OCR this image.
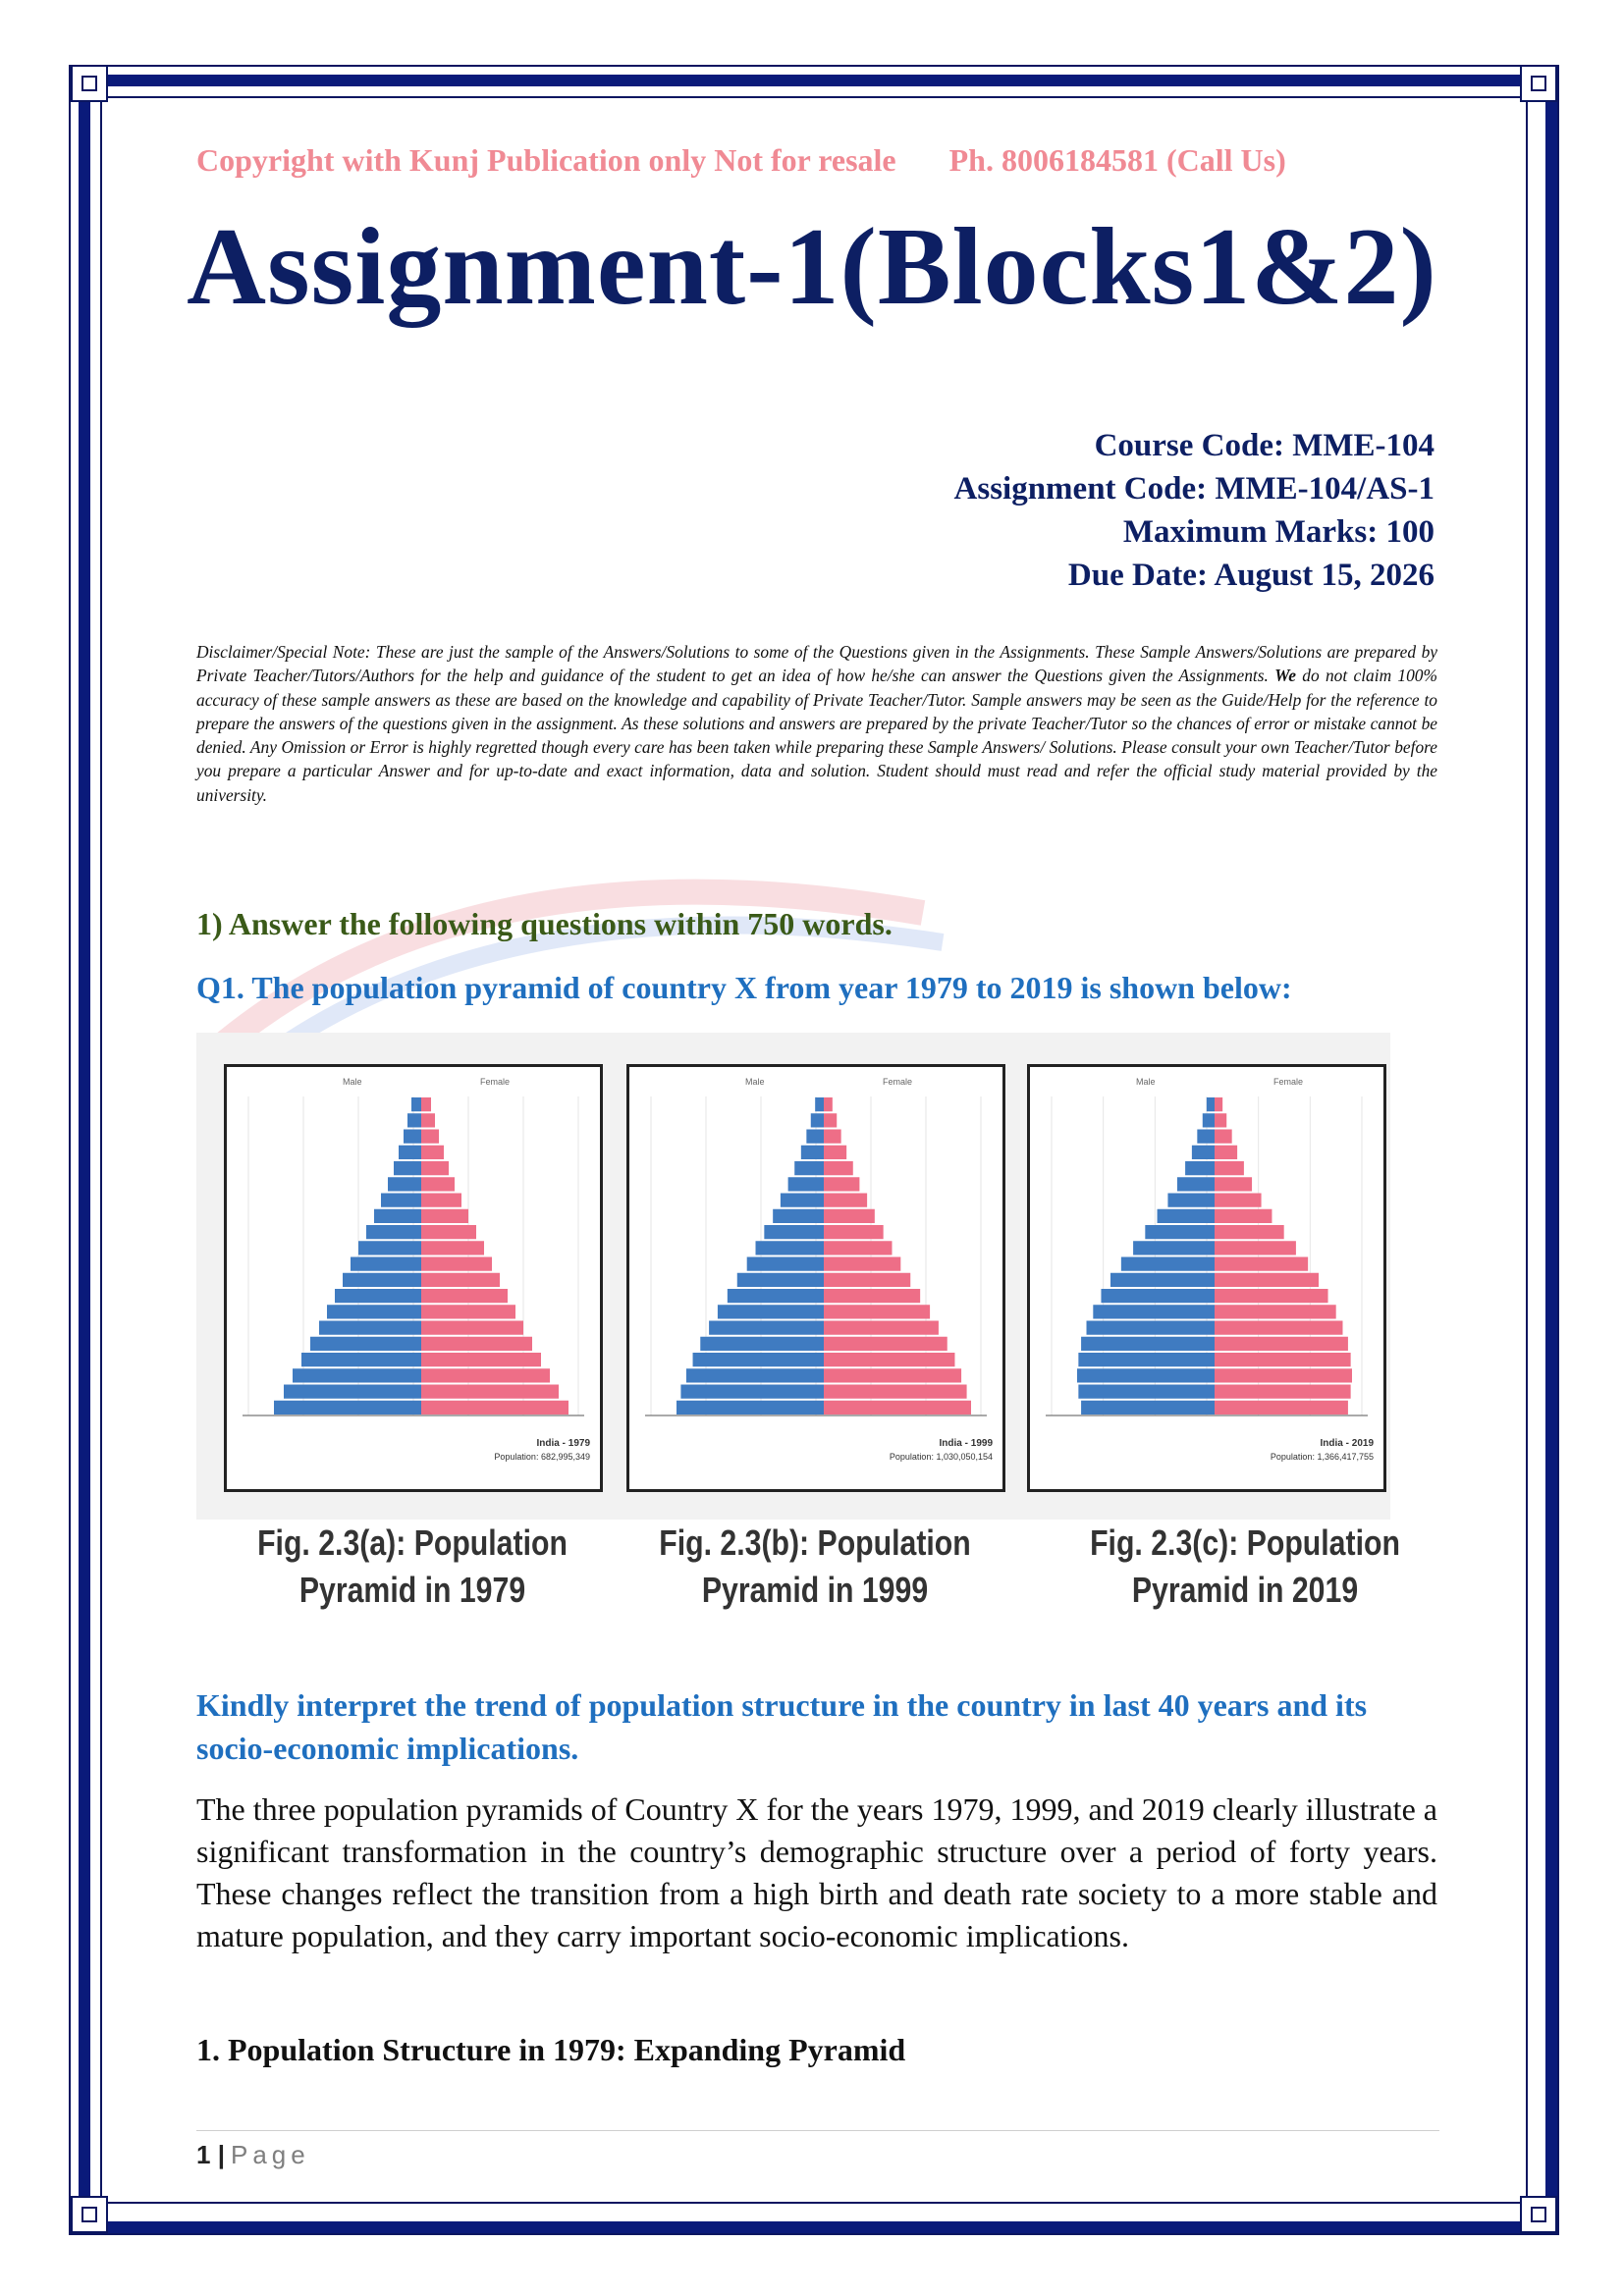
Copyright with Kunj Publication only Not for resale Ph. 8006184581 (Call Us)
Assignment-1(Blocks1&2)
Course Code: MME-104
Assignment Code: MME-104/AS-1
Maximum Marks: 100
Due Date: August 15, 2026
Disclaimer/Special Note: These are just the sample of the Answers/Solutions to some of the Questions given in the Assignments. These Sample Answers/Solutions are prepared by Private Teacher/Tutors/Authors for the help and guidance of the student to get an idea of how he/she can answer the Questions given the Assignments. We do not claim 100% accuracy of these sample answers as these are based on the knowledge and capability of Private Teacher/Tutor. Sample answers may be seen as the Guide/Help for the reference to prepare the answers of the questions given in the assignment. As these solutions and answers are prepared by the private Teacher/Tutor so the chances of error or mistake cannot be denied. Any Omission or Error is highly regretted though every care has been taken while preparing these Sample Answers/ Solutions. Please consult your own Teacher/Tutor before you prepare a particular Answer and for up-to-date and exact information, data and solution. Student should must read and refer the official study material provided by the university.
1) Answer the following questions within 750 words.
Q1. The population pyramid of country X from year 1979 to 2019 is shown below:
Male	Female
India - 1979
Population: 682,995,349
Male	Female
India - 1999
Population: 1,030,050,154
Male	Female
India - 2019
Population: 1,366,417,755
Fig. 2.3(a): Population
Pyramid in 1979
Fig. 2.3(b): Population
Pyramid in 1999
Fig. 2.3(c): Population
Pyramid in 2019
Kindly interpret the trend of population structure in the country in last 40 years and its socio-economic implications.
The three population pyramids of Country X for the years 1979, 1999, and 2019 clearly illustrate a significant transformation in the country’s demographic structure over a period of forty years. These changes reflect the transition from a high birth and death rate society to a more stable and mature population, and they carry important socio-economic implications.
1. Population Structure in 1979: Expanding Pyramid
1 | Page
